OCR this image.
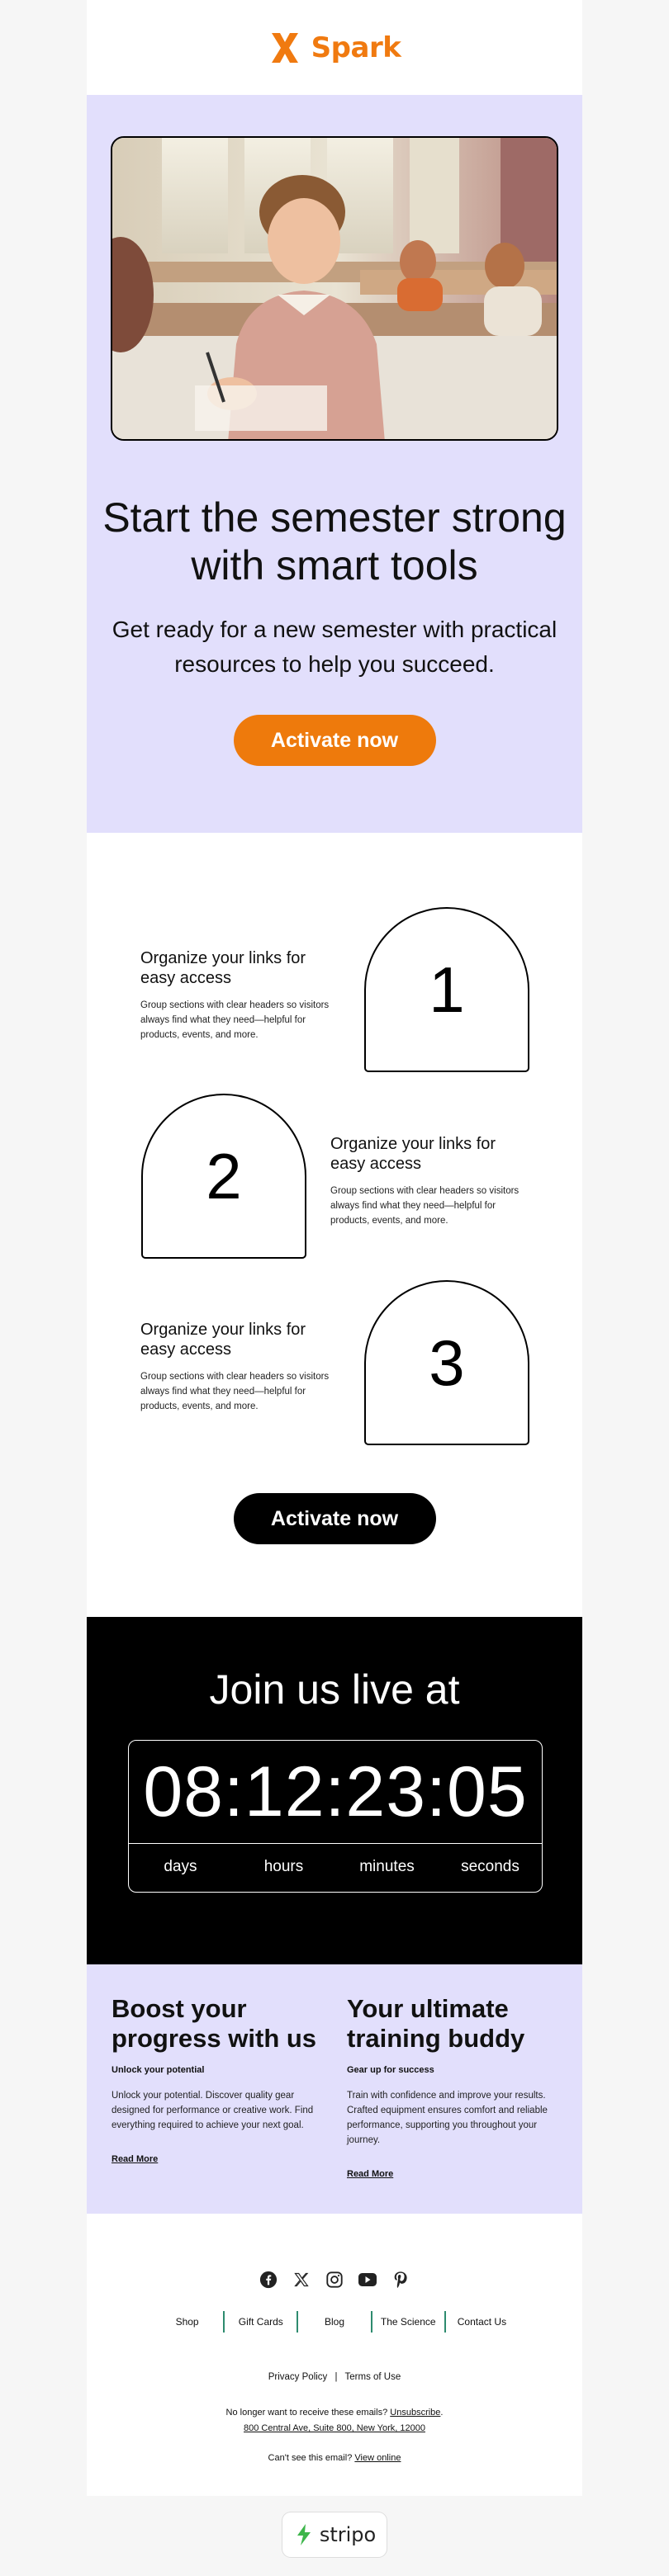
Spark
Start the semester strong with smart tools

Get ready for a new semester with practical resources to help you succeed.

Activate now
Organize your links for easy access
Group sections with clear headers so visitors always find what they need—helpful for products, events, and more.
1
2	Organize your links for easy access
Group sections with clear headers so visitors always find what they need—helpful for products, events, and more.
Organize your links for easy access
Group sections with clear headers so visitors always find what they need—helpful for products, events, and more.
3
Activate now
Join us live at
08:12:23:05
days	hours	minutes	seconds
Boost your progress with us
Unlock your potential
Unlock your potential. Discover quality gear designed for performance or creative work. Find everything required to achieve your next goal.
Read More
Your ultimate training buddy
Gear up for success
Train with confidence and improve your results. Crafted equipment ensures comfort and reliable performance, supporting you throughout your journey.
Read More
Shop	Gift Cards	Blog	The Science	Contact Us
Privacy Policy | Terms of Use
No longer want to receive these emails? Unsubscribe.
800 Central Ave, Suite 800, New York, 12000
Can't see this email? View online
stripo
